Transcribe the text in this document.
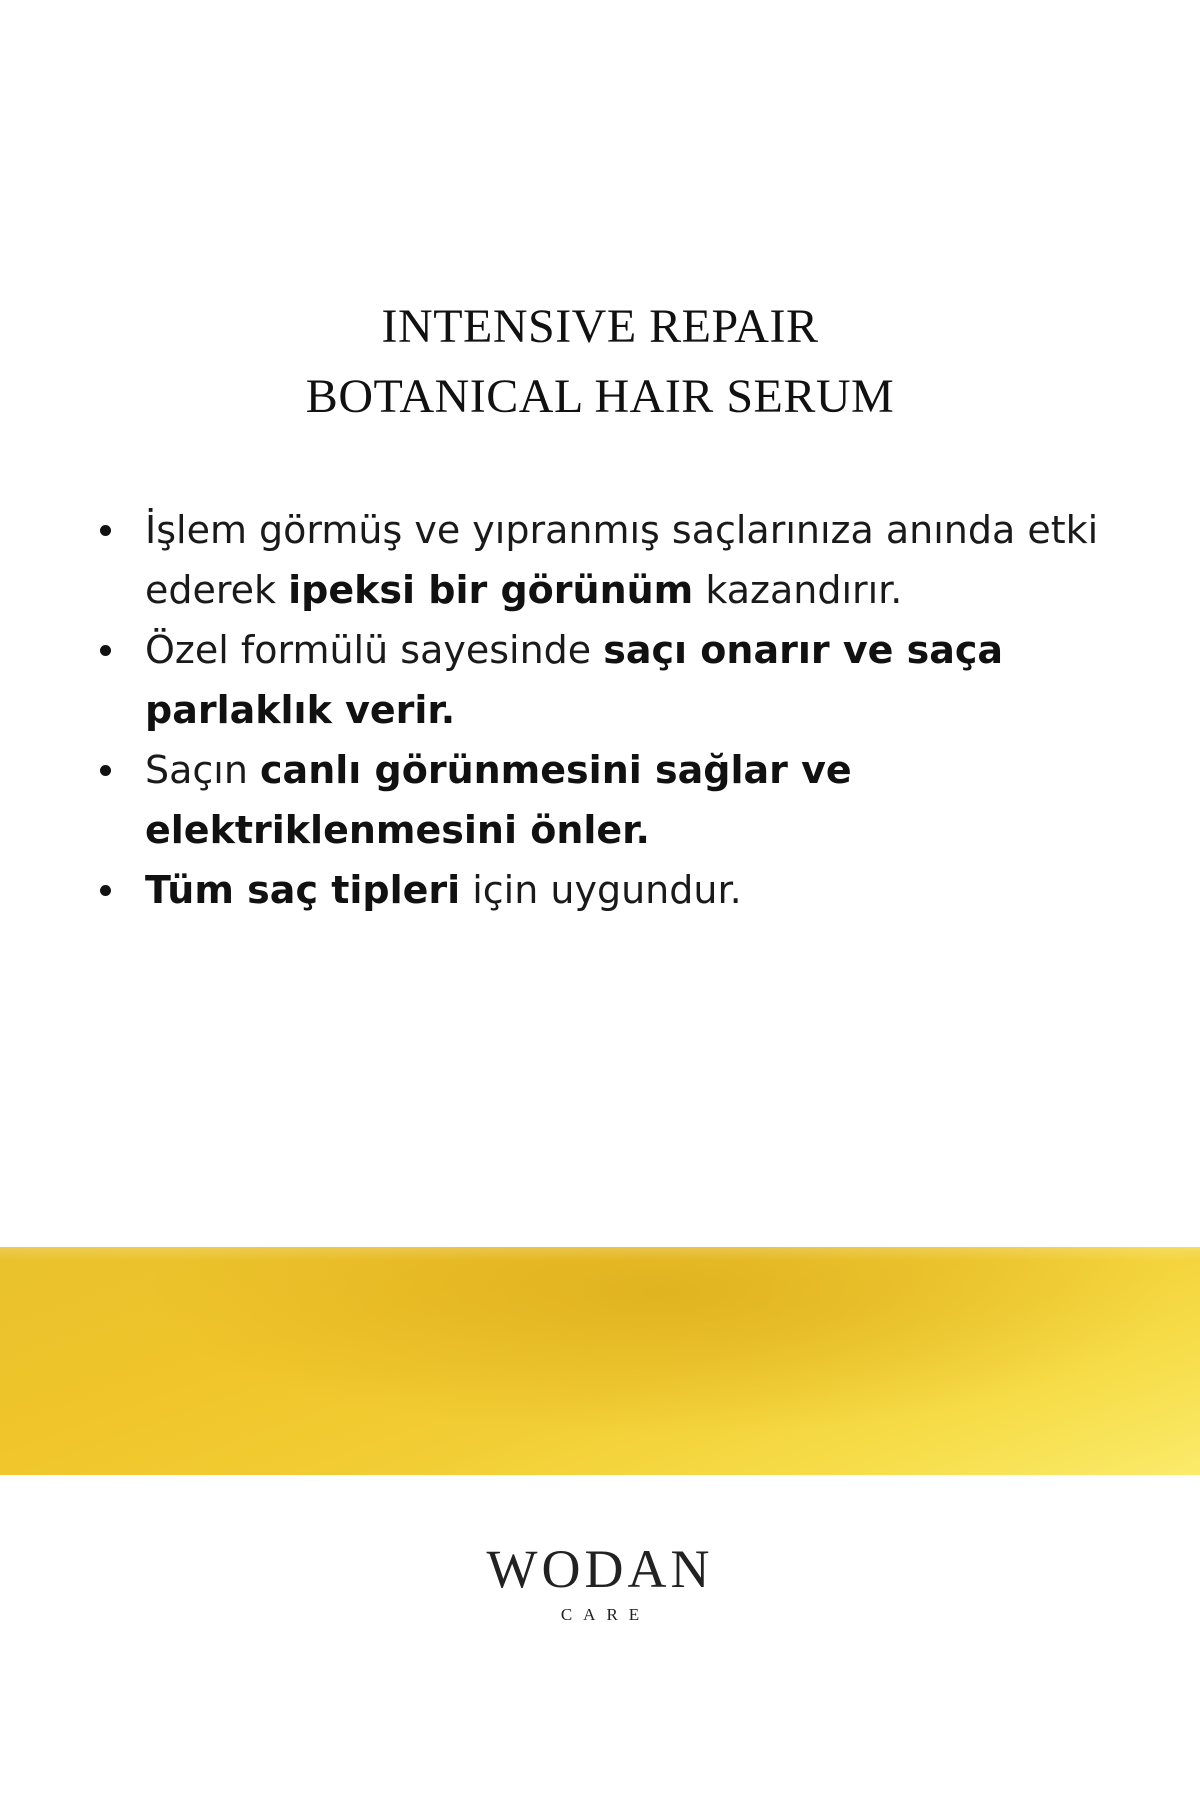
INTENSIVE REPAIR
BOTANICAL HAIR SERUM
İşlem görmüş ve yıpranmış saçlarınıza anında etki ederek ipeksi bir görünüm kazandırır.
Özel formülü sayesinde saçı onarır ve saça parlaklık verir.
Saçın canlı görünmesini sağlar ve elektriklenmesini önler.
Tüm saç tipleri için uygundur.
WODAN
CARE
